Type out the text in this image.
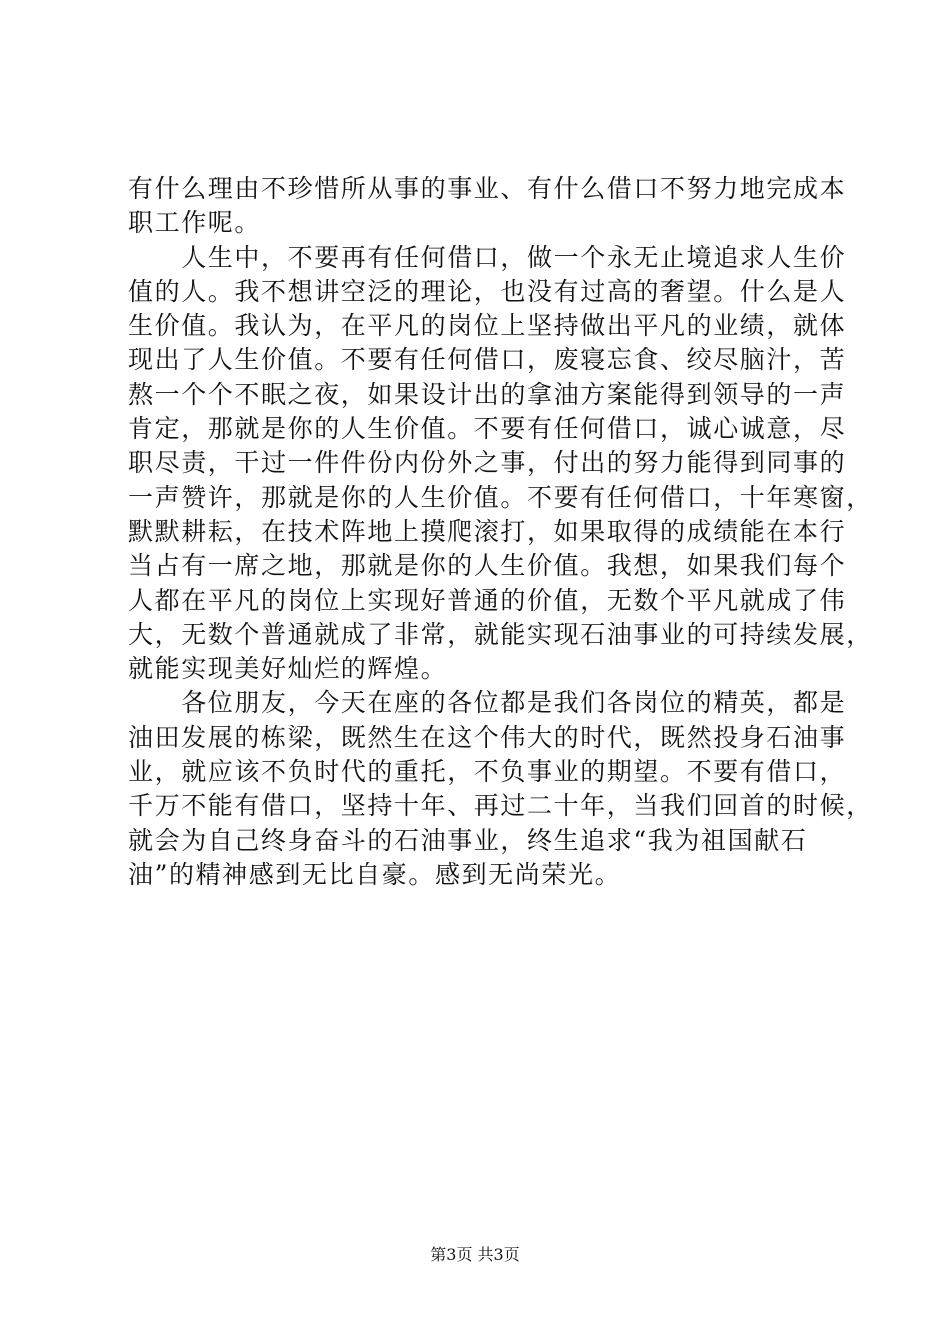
有什么理由不珍惜所从事的事业、有什么借口不努力地完成本
职工作呢。
　　人生中，不要再有任何借口，做一个永无止境追求人生价
值的人。我不想讲空泛的理论，也没有过高的奢望。什么是人
生价值。我认为，在平凡的岗位上坚持做出平凡的业绩，就体
现出了人生价值。不要有任何借口，废寝忘食、绞尽脑汁，苦
熬一个个不眠之夜，如果设计出的拿油方案能得到领导的一声
肯定，那就是你的人生价值。不要有任何借口，诚心诚意，尽
职尽责，干过一件件份内份外之事，付出的努力能得到同事的
一声赞许，那就是你的人生价值。不要有任何借口，十年寒窗，
默默耕耘，在技术阵地上摸爬滚打，如果取得的成绩能在本行
当占有一席之地，那就是你的人生价值。我想，如果我们每个
人都在平凡的岗位上实现好普通的价值，无数个平凡就成了伟
大，无数个普通就成了非常，就能实现石油事业的可持续发展，
就能实现美好灿烂的辉煌。
　　各位朋友，今天在座的各位都是我们各岗位的精英，都是
油田发展的栋梁，既然生在这个伟大的时代，既然投身石油事
业，就应该不负时代的重托，不负事业的期望。不要有借口，
千万不能有借口，坚持十年、再过二十年，当我们回首的时候，
就会为自己终身奋斗的石油事业，终生追求“我为祖国献石
油”的精神感到无比自豪。感到无尚荣光。
第3页 共3页
